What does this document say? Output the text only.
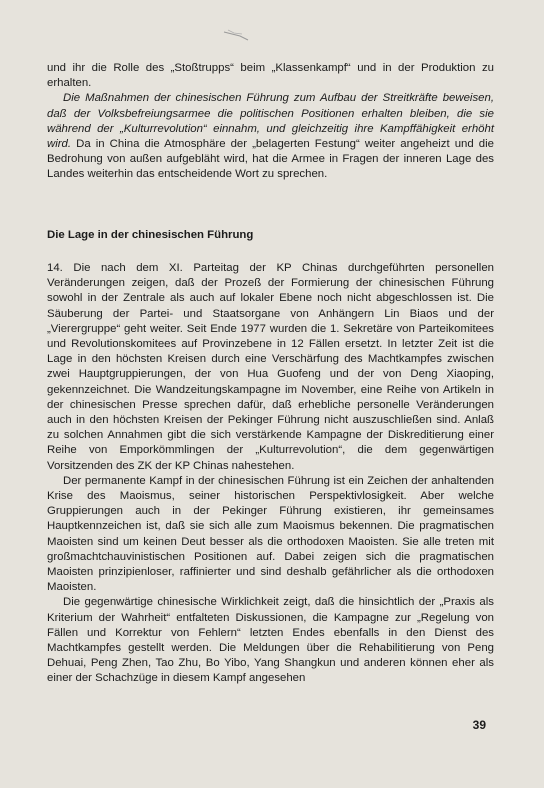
und ihr die Rolle des „Stoßtrupps“ beim „Klassenkampf“ und in der Produktion zu erhalten.

Die Maßnahmen der chinesischen Führung zum Aufbau der Streitkräfte beweisen, daß der Volksbefreiungsarmee die politischen Positionen erhalten bleiben, die sie während der „Kulturrevolution“ einnahm, und gleichzeitig ihre Kampffähigkeit erhöht wird. Da in China die Atmosphäre der „belagerten Festung“ weiter angeheizt und die Bedrohung von außen aufgebläht wird, hat die Armee in Fragen der inneren Lage des Landes weiterhin das entscheidende Wort zu sprechen.

Die Lage in der chinesischen Führung

14. Die nach dem XI. Parteitag der KP Chinas durchgeführten personellen Veränderungen zeigen, daß der Prozeß der Formierung der chinesischen Führung sowohl in der Zentrale als auch auf lokaler Ebene noch nicht abgeschlossen ist. Die Säuberung der Partei- und Staatsorgane von Anhängern Lin Biaos und der „Vierergruppe“ geht weiter. Seit Ende 1977 wurden die 1. Sekretäre von Parteikomitees und Revolutionskomitees auf Provinzebene in 12 Fällen ersetzt. In letzter Zeit ist die Lage in den höchsten Kreisen durch eine Verschärfung des Machtkampfes zwischen zwei Hauptgruppierungen, der von Hua Guofeng und der von Deng Xiaoping, gekennzeichnet. Die Wandzeitungskampagne im November, eine Reihe von Artikeln in der chinesischen Presse sprechen dafür, daß erhebliche personelle Veränderungen auch in den höchsten Kreisen der Pekinger Führung nicht auszuschließen sind. Anlaß zu solchen Annahmen gibt die sich verstärkende Kampagne der Diskreditierung einer Reihe von Emporkömmlingen der „Kulturrevolution“, die dem gegenwärtigen Vorsitzenden des ZK der KP Chinas nahestehen.

Der permanente Kampf in der chinesischen Führung ist ein Zeichen der anhaltenden Krise des Maoismus, seiner historischen Perspektivlosigkeit. Aber welche Gruppierungen auch in der Pekinger Führung existieren, ihr gemeinsames Hauptkennzeichen ist, daß sie sich alle zum Maoismus bekennen. Die pragmatischen Maoisten sind um keinen Deut besser als die orthodoxen Maoisten. Sie alle treten mit großmachtchauvinistischen Positionen auf. Dabei zeigen sich die pragmatischen Maoisten prinzipienloser, raffinierter und sind deshalb gefährlicher als die orthodoxen Maoisten.

Die gegenwärtige chinesische Wirklichkeit zeigt, daß die hinsichtlich der „Praxis als Kriterium der Wahrheit“ entfalteten Diskussionen, die Kampagne zur „Regelung von Fällen und Korrektur von Fehlern“ letzten Endes ebenfalls in den Dienst des Machtkampfes gestellt werden. Die Meldungen über die Rehabilitierung von Peng Dehuai, Peng Zhen, Tao Zhu, Bo Yibo, Yang Shangkun und anderen können eher als einer der Schachzüge in diesem Kampf angesehen

39
